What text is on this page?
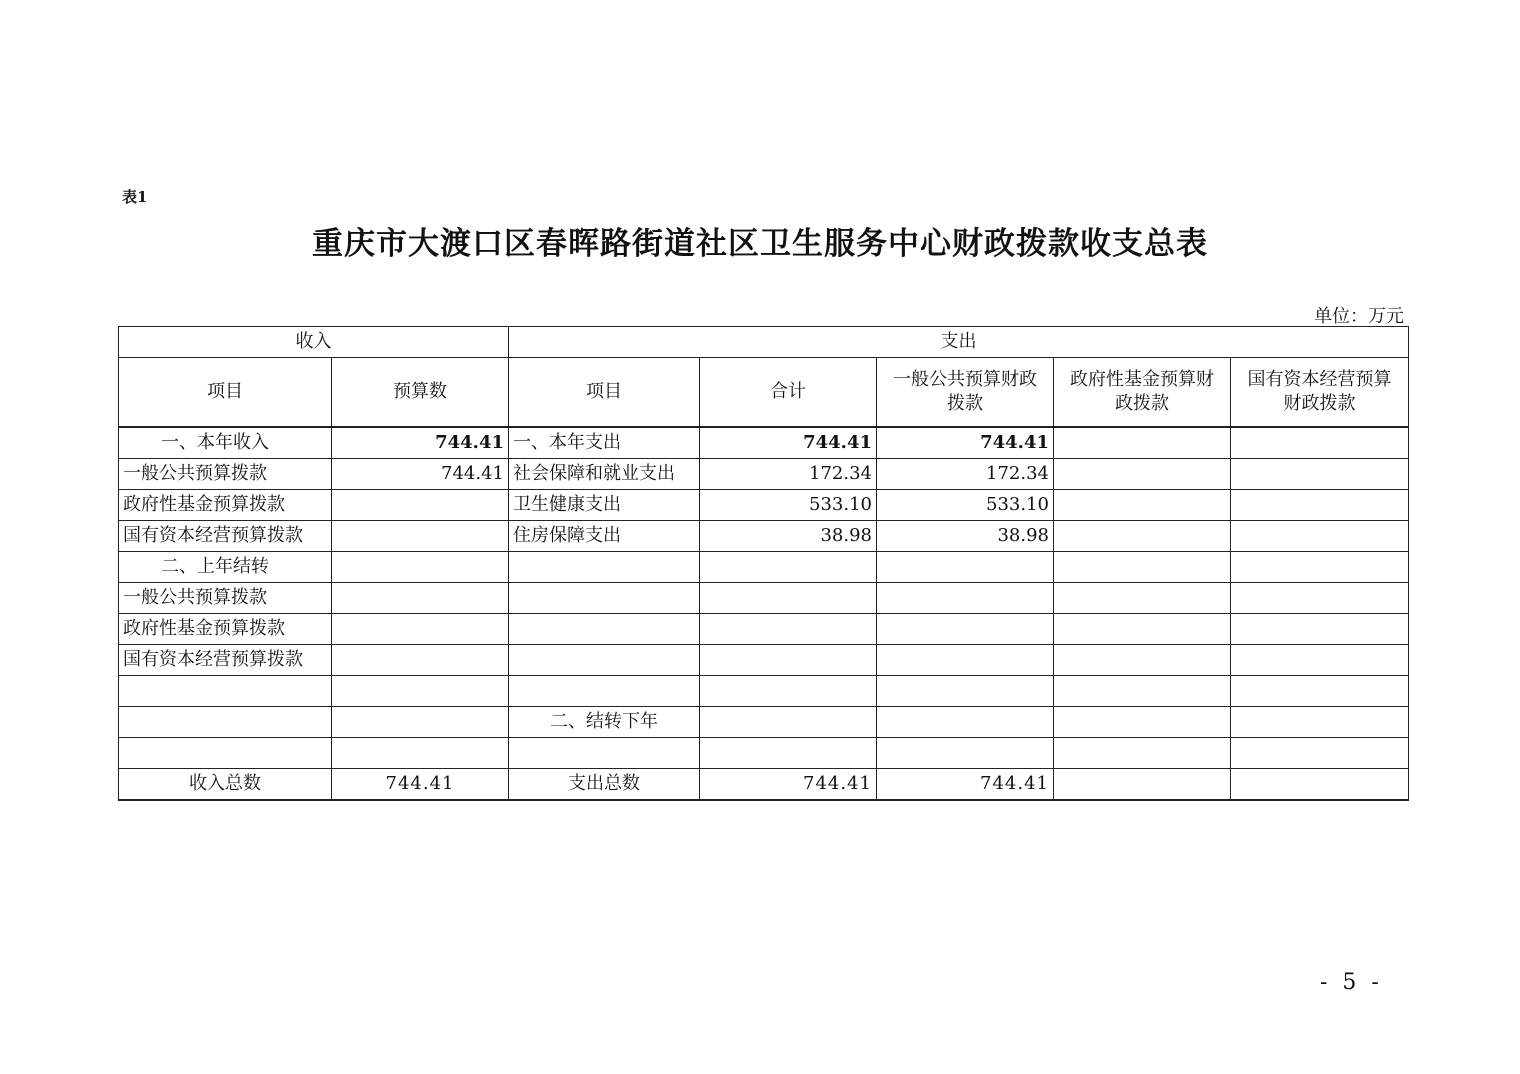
表1
重庆市大渡口区春晖路街道社区卫生服务中心财政拨款收支总表
单位：万元
收入		支出				
项目	预算数	项目	合计	一般公共预算财政拨款	政府性基金预算财政拨款	国有资本经营预算财政拨款
一、本年收入	744.41	一、本年支出	744.41	744.41		
一般公共预算拨款	744.41	社会保障和就业支出	172.34	172.34		
政府性基金预算拨款		卫生健康支出	533.10	533.10		
国有资本经营预算拨款		住房保障支出	38.98	38.98		
二、上年结转						
一般公共预算拨款						
政府性基金预算拨款						
国有资本经营预算拨款						

		二、结转下年				

收入总数	744.41	支出总数	744.41	744.41		
- 5 -
